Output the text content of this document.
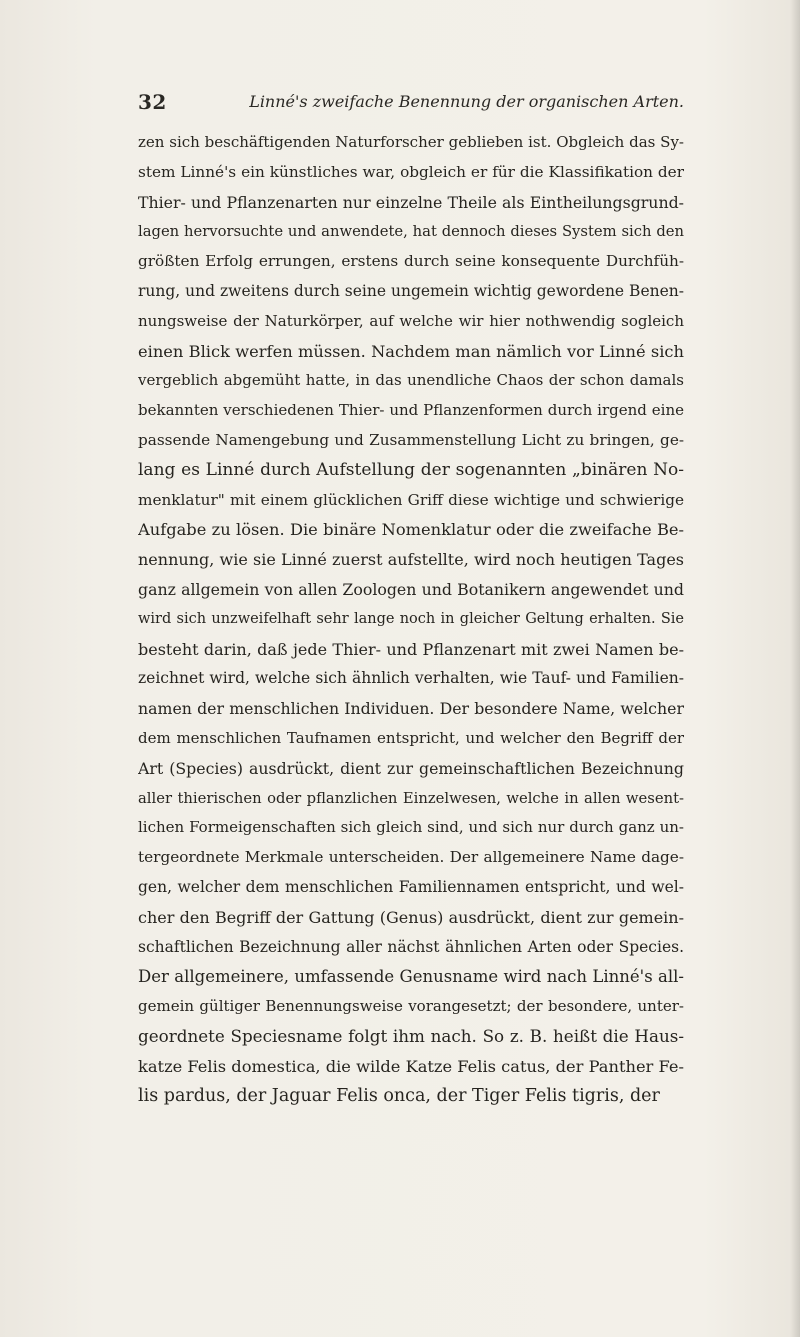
32	Linné's zweifache Benennung der organischen Arten.
zen sich beschäftigenden Naturforscher geblieben ist. Obgleich das Sy-
stem Linné's ein künstliches war, obgleich er für die Klassifikation der
Thier- und Pflanzenarten nur einzelne Theile als Eintheilungsgrund-
lagen hervorsuchte und anwendete, hat dennoch dieses System sich den
größten Erfolg errungen, erstens durch seine konsequente Durchfüh-
rung, und zweitens durch seine ungemein wichtig gewordene Benen-
nungsweise der Naturkörper, auf welche wir hier nothwendig sogleich
einen Blick werfen müssen. Nachdem man nämlich vor Linné sich
vergeblich abgemüht hatte, in das unendliche Chaos der schon damals
bekannten verschiedenen Thier- und Pflanzenformen durch irgend eine
passende Namengebung und Zusammenstellung Licht zu bringen, ge-
lang es Linné durch Aufstellung der sogenannten „binären No-
menklatur" mit einem glücklichen Griff diese wichtige und schwierige
Aufgabe zu lösen. Die binäre Nomenklatur oder die zweifache Be-
nennung, wie sie Linné zuerst aufstellte, wird noch heutigen Tages
ganz allgemein von allen Zoologen und Botanikern angewendet und
wird sich unzweifelhaft sehr lange noch in gleicher Geltung erhalten. Sie
besteht darin, daß jede Thier- und Pflanzenart mit zwei Namen be-
zeichnet wird, welche sich ähnlich verhalten, wie Tauf- und Familien-
namen der menschlichen Individuen. Der besondere Name, welcher
dem menschlichen Taufnamen entspricht, und welcher den Begriff der
Art (Species) ausdrückt, dient zur gemeinschaftlichen Bezeichnung
aller thierischen oder pflanzlichen Einzelwesen, welche in allen wesent-
lichen Formeigenschaften sich gleich sind, und sich nur durch ganz un-
tergeordnete Merkmale unterscheiden. Der allgemeinere Name dage-
gen, welcher dem menschlichen Familiennamen entspricht, und wel-
cher den Begriff der Gattung (Genus) ausdrückt, dient zur gemein-
schaftlichen Bezeichnung aller nächst ähnlichen Arten oder Species.
Der allgemeinere, umfassende Genusname wird nach Linné's all-
gemein gültiger Benennungsweise vorangesetzt; der besondere, unter-
geordnete Speciesname folgt ihm nach. So z. B. heißt die Haus-
katze Felis domestica, die wilde Katze Felis catus, der Panther Fe-
lis pardus, der Jaguar Felis onca, der Tiger Felis tigris, der
